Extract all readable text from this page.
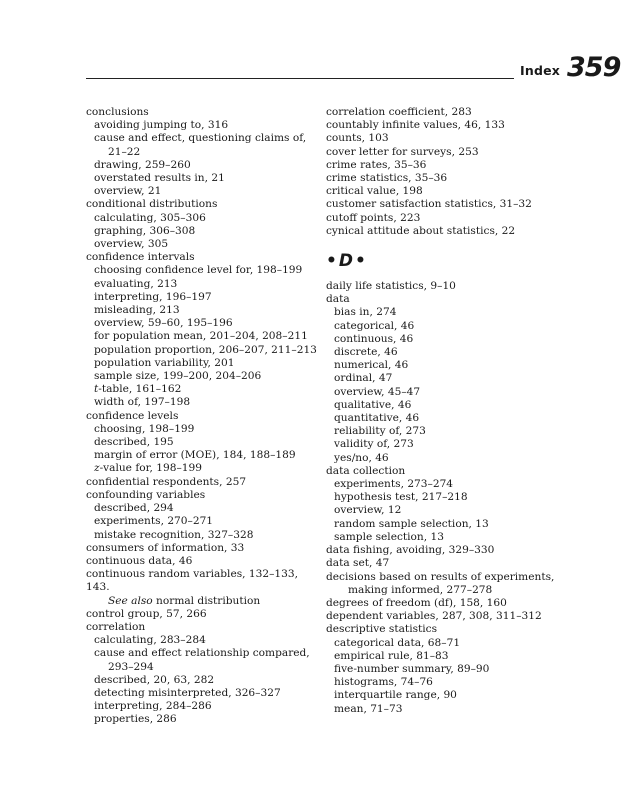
Index 359
conclusions
avoiding jumping to, 316
cause and effect, questioning claims of,
21–22
drawing, 259–260
overstated results in, 21
overview, 21
conditional distributions
calculating, 305–306
graphing, 306–308
overview, 305
confidence intervals
choosing confidence level for, 198–199
evaluating, 213
interpreting, 196–197
misleading, 213
overview, 59–60, 195–196
for population mean, 201–204, 208–211
population proportion, 206–207, 211–213
population variability, 201
sample size, 199–200, 204–206
t-table, 161–162
width of, 197–198
confidence levels
choosing, 198–199
described, 195
margin of error (MOE), 184, 188–189
z-value for, 198–199
confidential respondents, 257
confounding variables
described, 294
experiments, 270–271
mistake recognition, 327–328
consumers of information, 33
continuous data, 46
continuous random variables, 132–133, 143.
See also normal distribution
control group, 57, 266
correlation
calculating, 283–284
cause and effect relationship compared,
293–294
described, 20, 63, 282
detecting misinterpreted, 326–327
interpreting, 284–286
properties, 286
correlation coefficient, 283
countably infinite values, 46, 133
counts, 103
cover letter for surveys, 253
crime rates, 35–36
crime statistics, 35–36
critical value, 198
customer satisfaction statistics, 31–32
cutoff points, 223
cynical attitude about statistics, 22
•D•
daily life statistics, 9–10
data
bias in, 274
categorical, 46
continuous, 46
discrete, 46
numerical, 46
ordinal, 47
overview, 45–47
qualitative, 46
quantitative, 46
reliability of, 273
validity of, 273
yes/no, 46
data collection
experiments, 273–274
hypothesis test, 217–218
overview, 12
random sample selection, 13
sample selection, 13
data fishing, avoiding, 329–330
data set, 47
decisions based on results of experiments,
making informed, 277–278
degrees of freedom (df), 158, 160
dependent variables, 287, 308, 311–312
descriptive statistics
categorical data, 68–71
empirical rule, 81–83
five-number summary, 89–90
histograms, 74–76
interquartile range, 90
mean, 71–73
